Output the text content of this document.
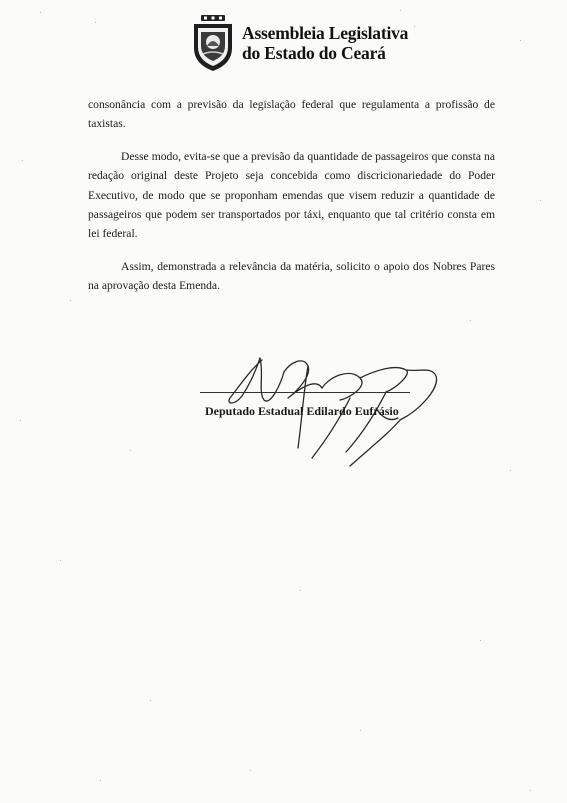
Assembleia Legislativa
do Estado do Ceará

consonância com a previsão da legislação federal que regulamenta a profissão de taxistas.

Desse modo, evita-se que a previsão da quantidade de passageiros que consta na redação original deste Projeto seja concebida como discricionariedade do Poder Executivo, de modo que se proponham emendas que visem reduzir a quantidade de passageiros que podem ser transportados por táxi, enquanto que tal critério consta em lei federal.

Assim, demonstrada a relevância da matéria, solicito o apoio dos Nobres Pares na aprovação desta Emenda.

Deputado Estadual Edilardo Eufrásio
